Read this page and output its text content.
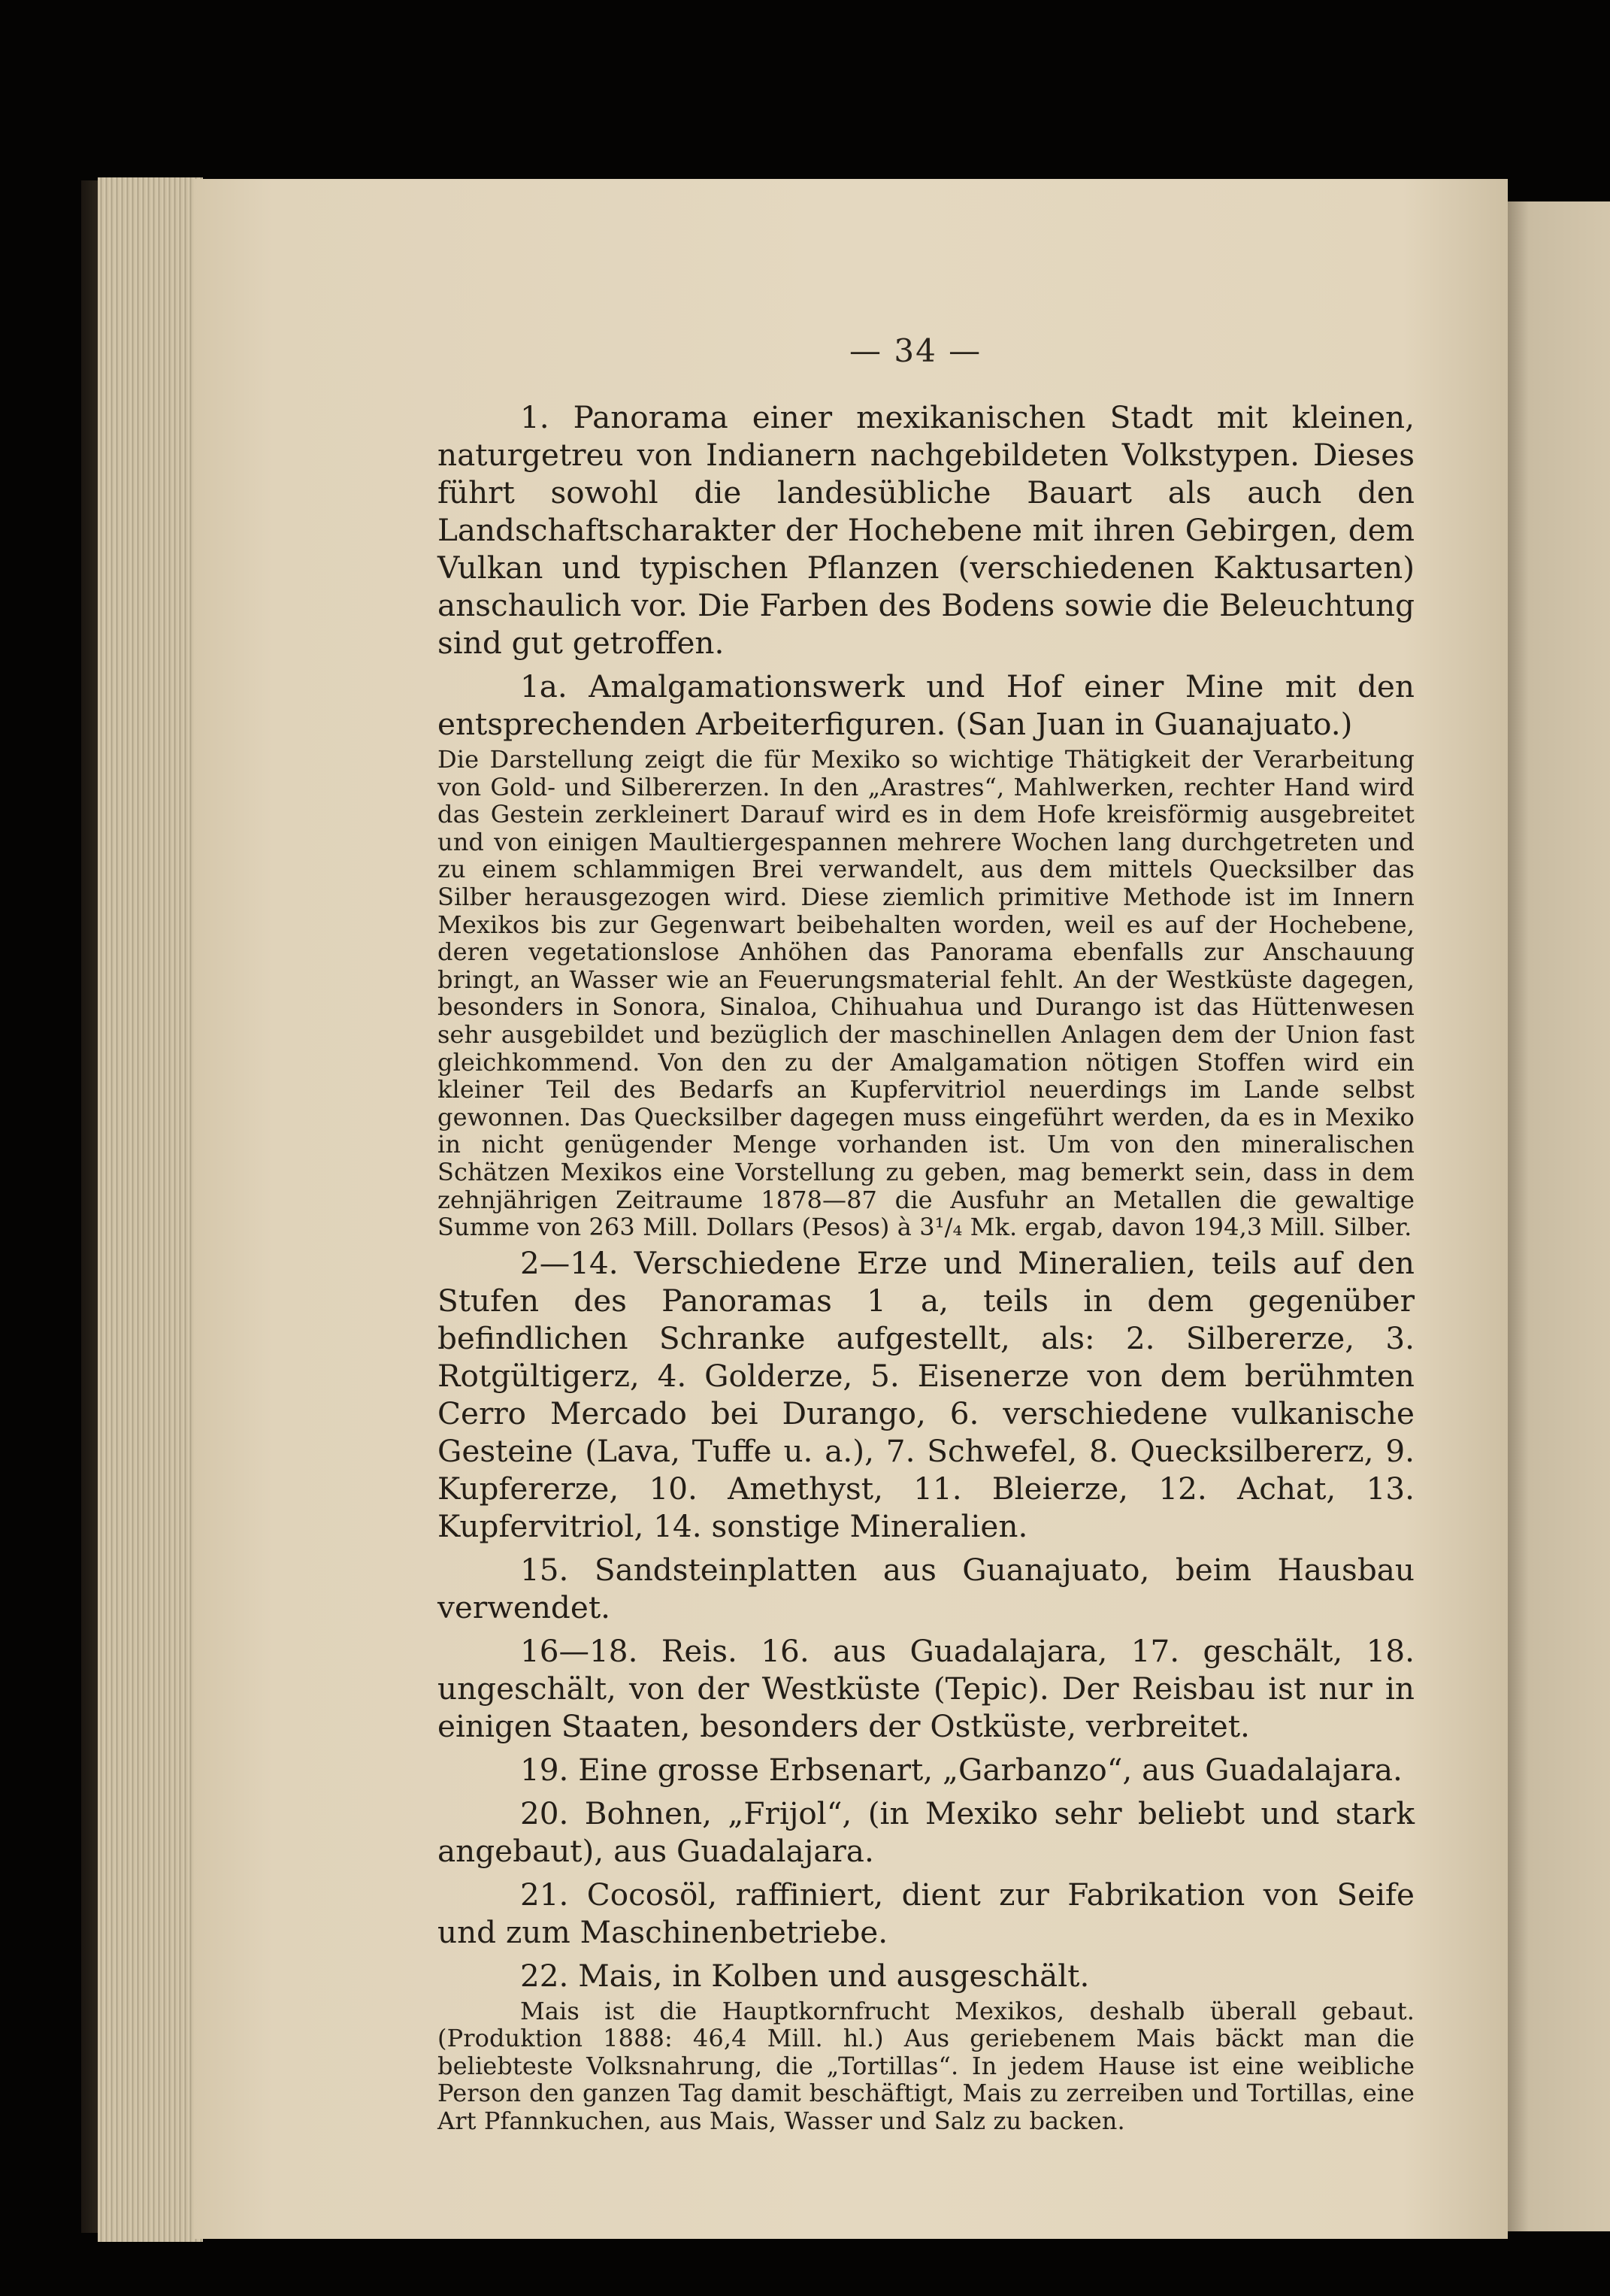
— 34 —

1. Panorama einer mexikanischen Stadt mit kleinen, naturgetreu von Indianern nachgebildeten Volkstypen. Dieses führt sowohl die landesübliche Bauart als auch den Landschaftscharakter der Hochebene mit ihren Gebirgen, dem Vulkan und typischen Pflanzen (verschiedenen Kaktusarten) anschaulich vor. Die Farben des Bodens sowie die Beleuchtung sind gut getroffen.

1a. Amalgamationswerk und Hof einer Mine mit den entsprechenden Arbeiterfiguren. (San Juan in Guanajuato.)

Die Darstellung zeigt die für Mexiko so wichtige Thätigkeit der Verarbeitung von Gold- und Silbererzen. In den „Arastres“, Mahlwerken, rechter Hand wird das Gestein zerkleinert Darauf wird es in dem Hofe kreisförmig ausgebreitet und von einigen Maultiergespannen mehrere Wochen lang durchgetreten und zu einem schlammigen Brei verwandelt, aus dem mittels Quecksilber das Silber herausgezogen wird. Diese ziemlich primitive Methode ist im Innern Mexikos bis zur Gegenwart beibehalten worden, weil es auf der Hochebene, deren vegetationslose Anhöhen das Panorama ebenfalls zur Anschauung bringt, an Wasser wie an Feuerungsmaterial fehlt. An der Westküste dagegen, besonders in Sonora, Sinaloa, Chihuahua und Durango ist das Hüttenwesen sehr ausgebildet und bezüglich der maschinellen Anlagen dem der Union fast gleichkommend. Von den zu der Amalgamation nötigen Stoffen wird ein kleiner Teil des Bedarfs an Kupfervitriol neuerdings im Lande selbst gewonnen. Das Quecksilber dagegen muss eingeführt werden, da es in Mexiko in nicht genügender Menge vorhanden ist. Um von den mineralischen Schätzen Mexikos eine Vorstellung zu geben, mag bemerkt sein, dass in dem zehnjährigen Zeitraume 1878—87 die Ausfuhr an Metallen die gewaltige Summe von 263 Mill. Dollars (Pesos) à 3¹/₄ Mk. ergab, davon 194,3 Mill. Silber.

2—14. Verschiedene Erze und Mineralien, teils auf den Stufen des Panoramas 1 a, teils in dem gegenüber befindlichen Schranke aufgestellt, als: 2. Silbererze, 3. Rotgültigerz, 4. Golderze, 5. Eisenerze von dem berühmten Cerro Mercado bei Durango, 6. verschiedene vulkanische Gesteine (Lava, Tuffe u. a.), 7. Schwefel, 8. Quecksilbererz, 9. Kupfererze, 10. Amethyst, 11. Bleierze, 12. Achat, 13. Kupfervitriol, 14. sonstige Mineralien.

15. Sandsteinplatten aus Guanajuato, beim Hausbau verwendet.

16—18. Reis. 16. aus Guadalajara, 17. geschält, 18. ungeschält, von der Westküste (Tepic). Der Reisbau ist nur in einigen Staaten, besonders der Ostküste, verbreitet.

19. Eine grosse Erbsenart, „Garbanzo“, aus Guadalajara.

20. Bohnen, „Frijol“, (in Mexiko sehr beliebt und stark angebaut), aus Guadalajara.

21. Cocosöl, raffiniert, dient zur Fabrikation von Seife und zum Maschinenbetriebe.

22. Mais, in Kolben und ausgeschält.

Mais ist die Hauptkornfrucht Mexikos, deshalb überall gebaut. (Produktion 1888: 46,4 Mill. hl.) Aus geriebenem Mais bäckt man die beliebteste Volksnahrung, die „Tortillas“. In jedem Hause ist eine weibliche Person den ganzen Tag damit beschäftigt, Mais zu zerreiben und Tortillas, eine Art Pfannkuchen, aus Mais, Wasser und Salz zu backen.
